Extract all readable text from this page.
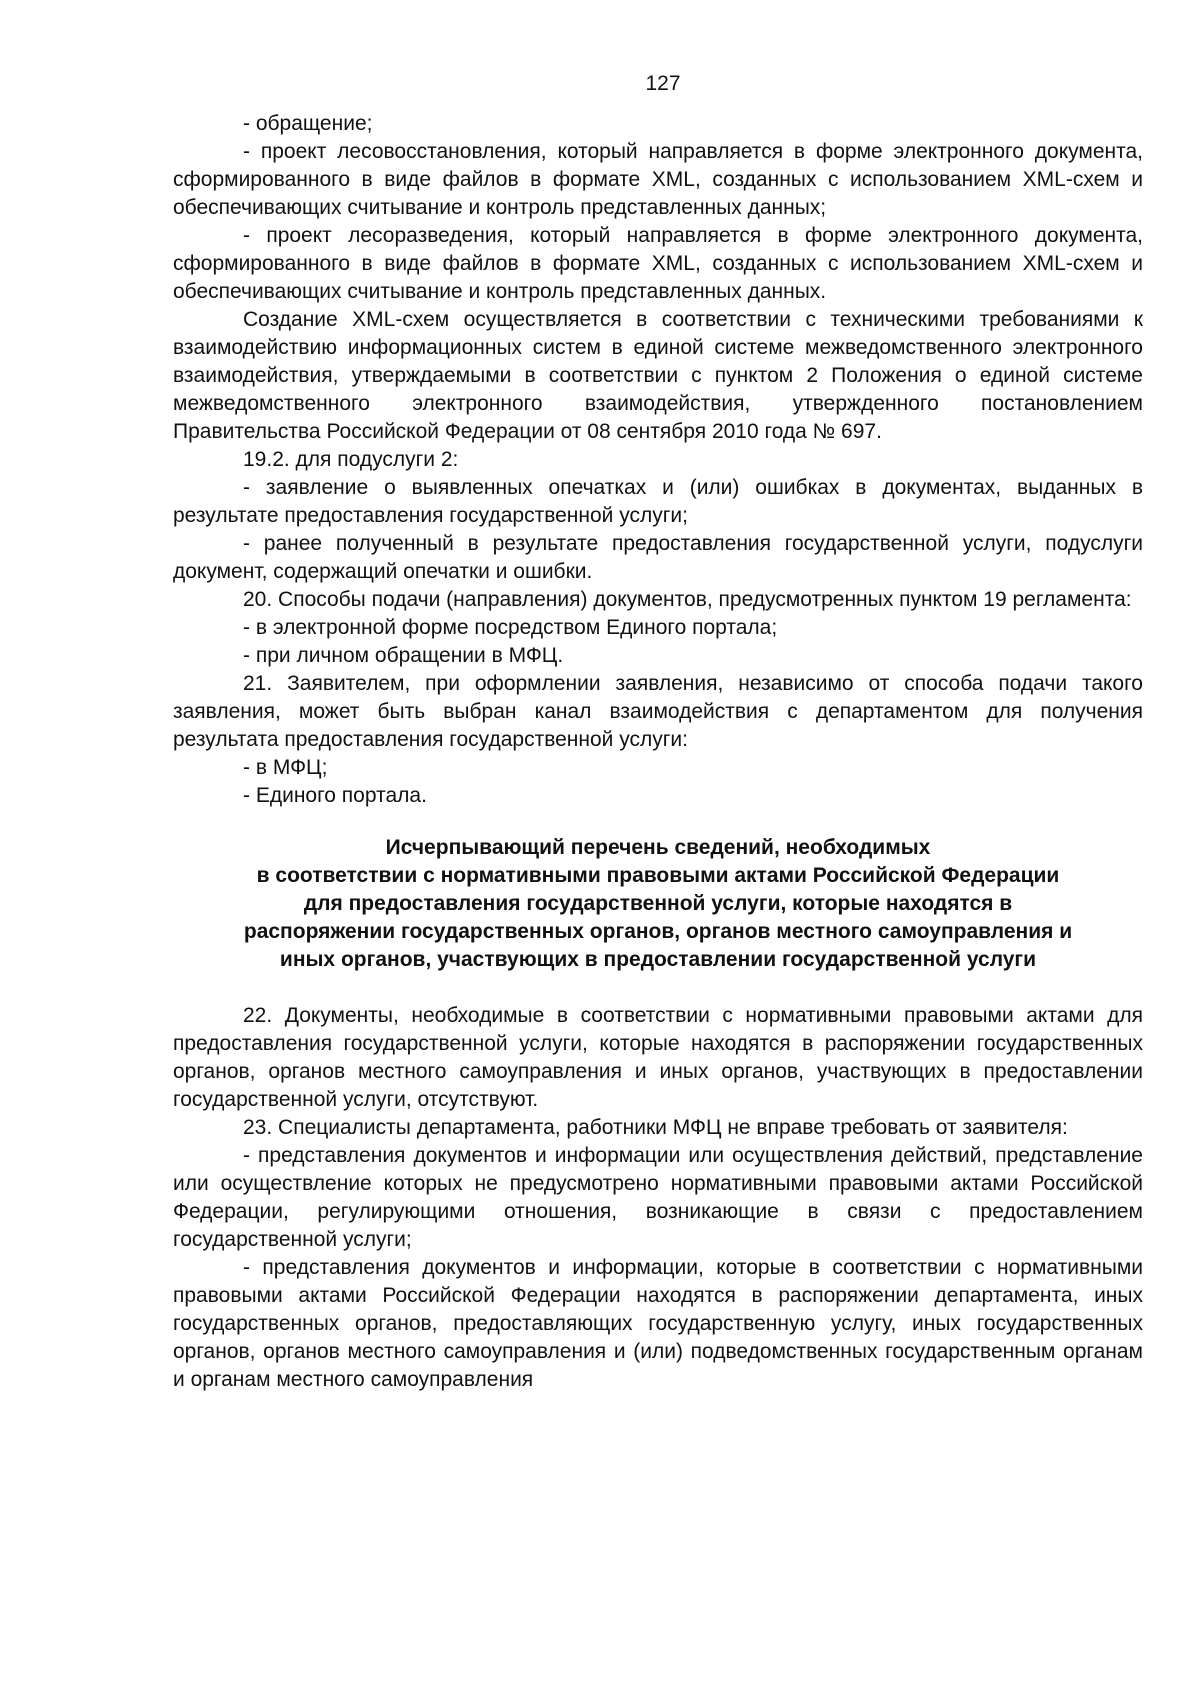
127

- обращение;

- проект лесовосстановления, который направляется в форме электронного документа, сформированного в виде файлов в формате XML, созданных с использованием XML-схем и обеспечивающих считывание и контроль представленных данных;

- проект лесоразведения, который направляется в форме электронного документа, сформированного в виде файлов в формате XML, созданных с использованием XML-схем и обеспечивающих считывание и контроль представленных данных.

Создание XML-схем осуществляется в соответствии с техническими требованиями к взаимодействию информационных систем в единой системе межведомственного электронного взаимодействия, утверждаемыми в соответствии с пунктом 2 Положения о единой системе межведомственного электронного взаимодействия, утвержденного постановлением Правительства Российской Федерации от 08 сентября 2010 года № 697.

19.2. для подуслуги 2:

- заявление о выявленных опечатках и (или) ошибках в документах, выданных в результате предоставления государственной услуги;

- ранее полученный в результате предоставления государственной услуги, подуслуги документ, содержащий опечатки и ошибки.

20. Способы подачи (направления) документов, предусмотренных пунктом 19 регламента:

- в электронной форме посредством Единого портала;

- при личном обращении в МФЦ.

21. Заявителем, при оформлении заявления, независимо от способа подачи такого заявления, может быть выбран канал взаимодействия с департаментом для получения результата предоставления государственной услуги:

- в МФЦ;

- Единого портала.

Исчерпывающий перечень сведений, необходимых
в соответствии с нормативными правовыми актами Российской Федерации
для предоставления государственной услуги, которые находятся в
распоряжении государственных органов, органов местного самоуправления и
иных органов, участвующих в предоставлении государственной услуги

22. Документы, необходимые в соответствии с нормативными правовыми актами для предоставления государственной услуги, которые находятся в распоряжении государственных органов, органов местного самоуправления и иных органов, участвующих в предоставлении государственной услуги, отсутствуют.

23. Специалисты департамента, работники МФЦ не вправе требовать от заявителя:

- представления документов и информации или осуществления действий, представление или осуществление которых не предусмотрено нормативными правовыми актами Российской Федерации, регулирующими отношения, возникающие в связи с предоставлением государственной услуги;

- представления документов и информации, которые в соответствии с нормативными правовыми актами Российской Федерации находятся в распоряжении департамента, иных государственных органов, предоставляющих государственную услугу, иных государственных органов, органов местного самоуправления и (или) подведомственных государственным органам и органам местного самоуправления
